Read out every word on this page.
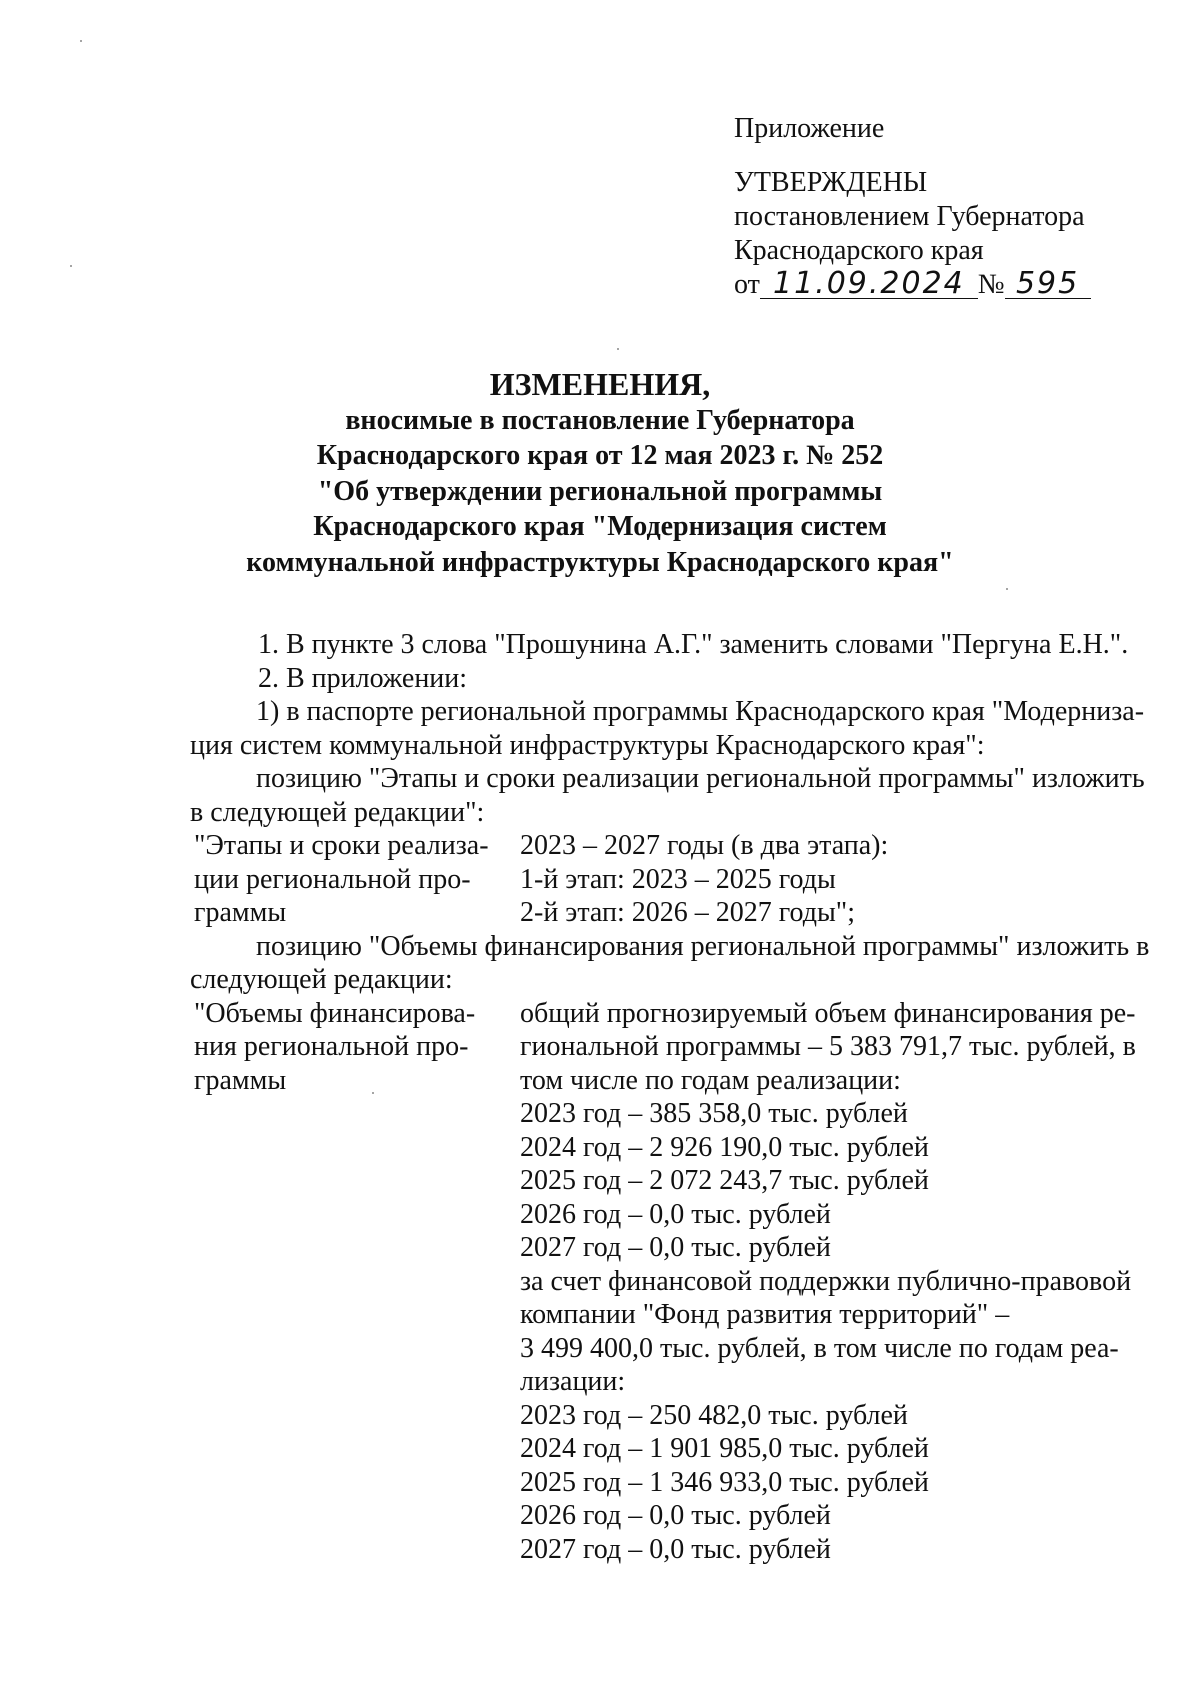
Приложение
УТВЕРЖДЕНЫ
постановлением Губернатора
Краснодарского края
от 11.09.2024 № 595
ИЗМЕНЕНИЯ,
вносимые в постановление Губернатора
Краснодарского края от 12 мая 2023 г. № 252
"Об утверждении региональной программы
Краснодарского края "Модернизация систем
коммунальной инфраструктуры Краснодарского края"

1. В пункте 3 слова "Прошунина А.Г." заменить словами "Пергуна Е.Н.".

2. В приложении:

1) в паспорте региональной программы Краснодарского края "Модерниза-

ция систем коммунальной инфраструктуры Краснодарского края":

позицию "Этапы и сроки реализации региональной программы" изложить

в следующей редакции":

"Этапы и сроки реализа-
ции региональной про-
граммы
2023 – 2027 годы (в два этапа):
1-й этап: 2023 – 2025 годы
2-й этап: 2026 – 2027 годы";

позицию "Объемы финансирования региональной программы" изложить в

следующей редакции:

"Объемы финансирова-
ния региональной про-
граммы
общий прогнозируемый объем финансирования ре-
гиональной программы – 5 383 791,7 тыс. рублей, в
том числе по годам реализации:
2023 год – 385 358,0 тыс. рублей
2024 год – 2 926 190,0 тыс. рублей
2025 год – 2 072 243,7 тыс. рублей
2026 год – 0,0 тыс. рублей
2027 год – 0,0 тыс. рублей
за счет финансовой поддержки публично-правовой
компании "Фонд развития территорий" –
3 499 400,0 тыс. рублей, в том числе по годам реа-
лизации:
2023 год – 250 482,0 тыс. рублей
2024 год – 1 901 985,0 тыс. рублей
2025 год – 1 346 933,0 тыс. рублей
2026 год – 0,0 тыс. рублей
2027 год – 0,0 тыс. рублей
